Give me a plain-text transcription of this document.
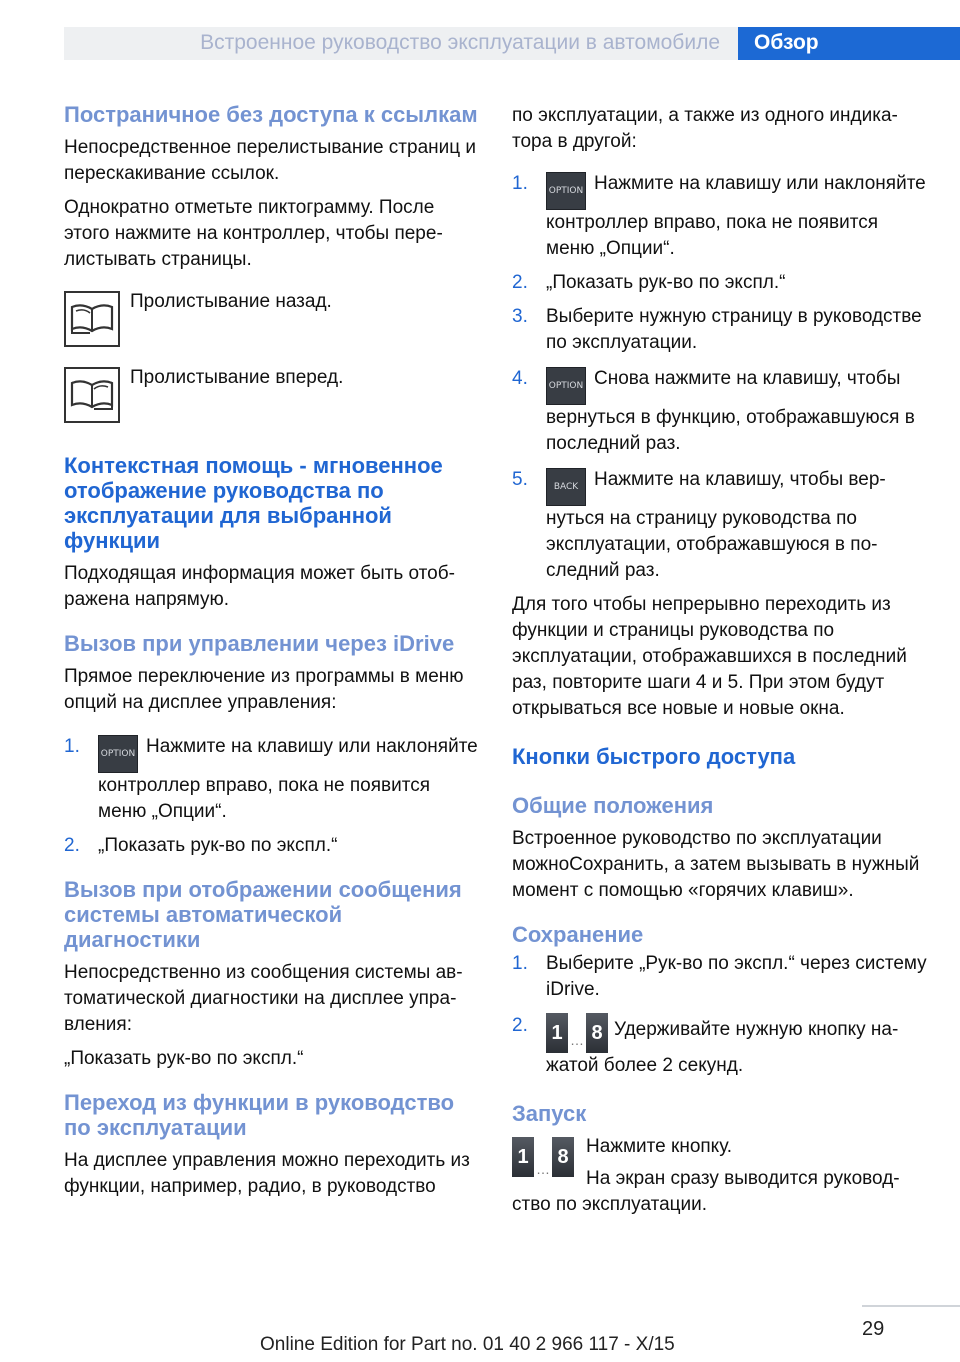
Встроенное руководство эксплуатации в автомобиле Обзор
Постраничное без доступа к ссылкам

Непосредственное перелистывание страниц и перескакивание ссылок.

Однократно отметьте пиктограмму. После этого нажмите на контроллер, чтобы перелистывать страницы.

Пролистывание назад.
Пролистывание вперед.
Контекстная помощь - мгновенное отображение руководства по эксплуатации для выбранной функции

Подходящая информация может быть отображена напрямую.

Вызов при управлении через iDrive

Прямое переключение из программы в меню опций на дисплее управления:

1.	OPTION Нажмите на клавишу или наклоняйте контроллер вправо, пока не появится меню „Опции“.
2. „Показать рук-во по экспл.“
Вызов при отображении сообщения системы автоматической диагностики

Непосредственно из сообщения системы автоматической диагностики на дисплее управления:

„Показать рук-во по экспл.“

Переход из функции в руководство по эксплуатации

На дисплее управления можно переходить из функции, например, радио, в руководство

по эксплуатации, а также из одного индикатора в другой:

1.	OPTION Нажмите на клавишу или наклоняйте контроллер вправо, пока не появится меню „Опции“.
2. „Показать рук-во по экспл.“
3. Выберите нужную страницу в руководстве по эксплуатации.
4.	OPTION Снова нажмите на клавишу, чтобы вернуться в функцию, отображавшуюся в последний раз.
5.	BACK Нажмите на клавишу, чтобы вернуться на страницу руководства по эксплуатации, отображавшуюся в последний раз.

Для того чтобы непрерывно переходить из функции и страницы руководства по эксплуатации, отображавшихся в последний раз, повторите шаги 4 и 5. При этом будут открываться все новые и новые окна.

Кнопки быстрого доступа
Общие положения

Встроенное руководство по эксплуатации можноСохранить, а затем вызывать в нужный момент с помощью «горячих клавиш».

Сохранение
1. Выберите „Рук-во по экспл.“ через систему iDrive.
2.	1 … 8 Удерживайте нужную кнопку нажатой более 2 секунд.
Запуск
1
…
8 Нажмите кнопку.

На экран сразу выводится руководство по эксплуатации.

29
Online Edition for Part no. 01 40 2 966 117 - X/15
